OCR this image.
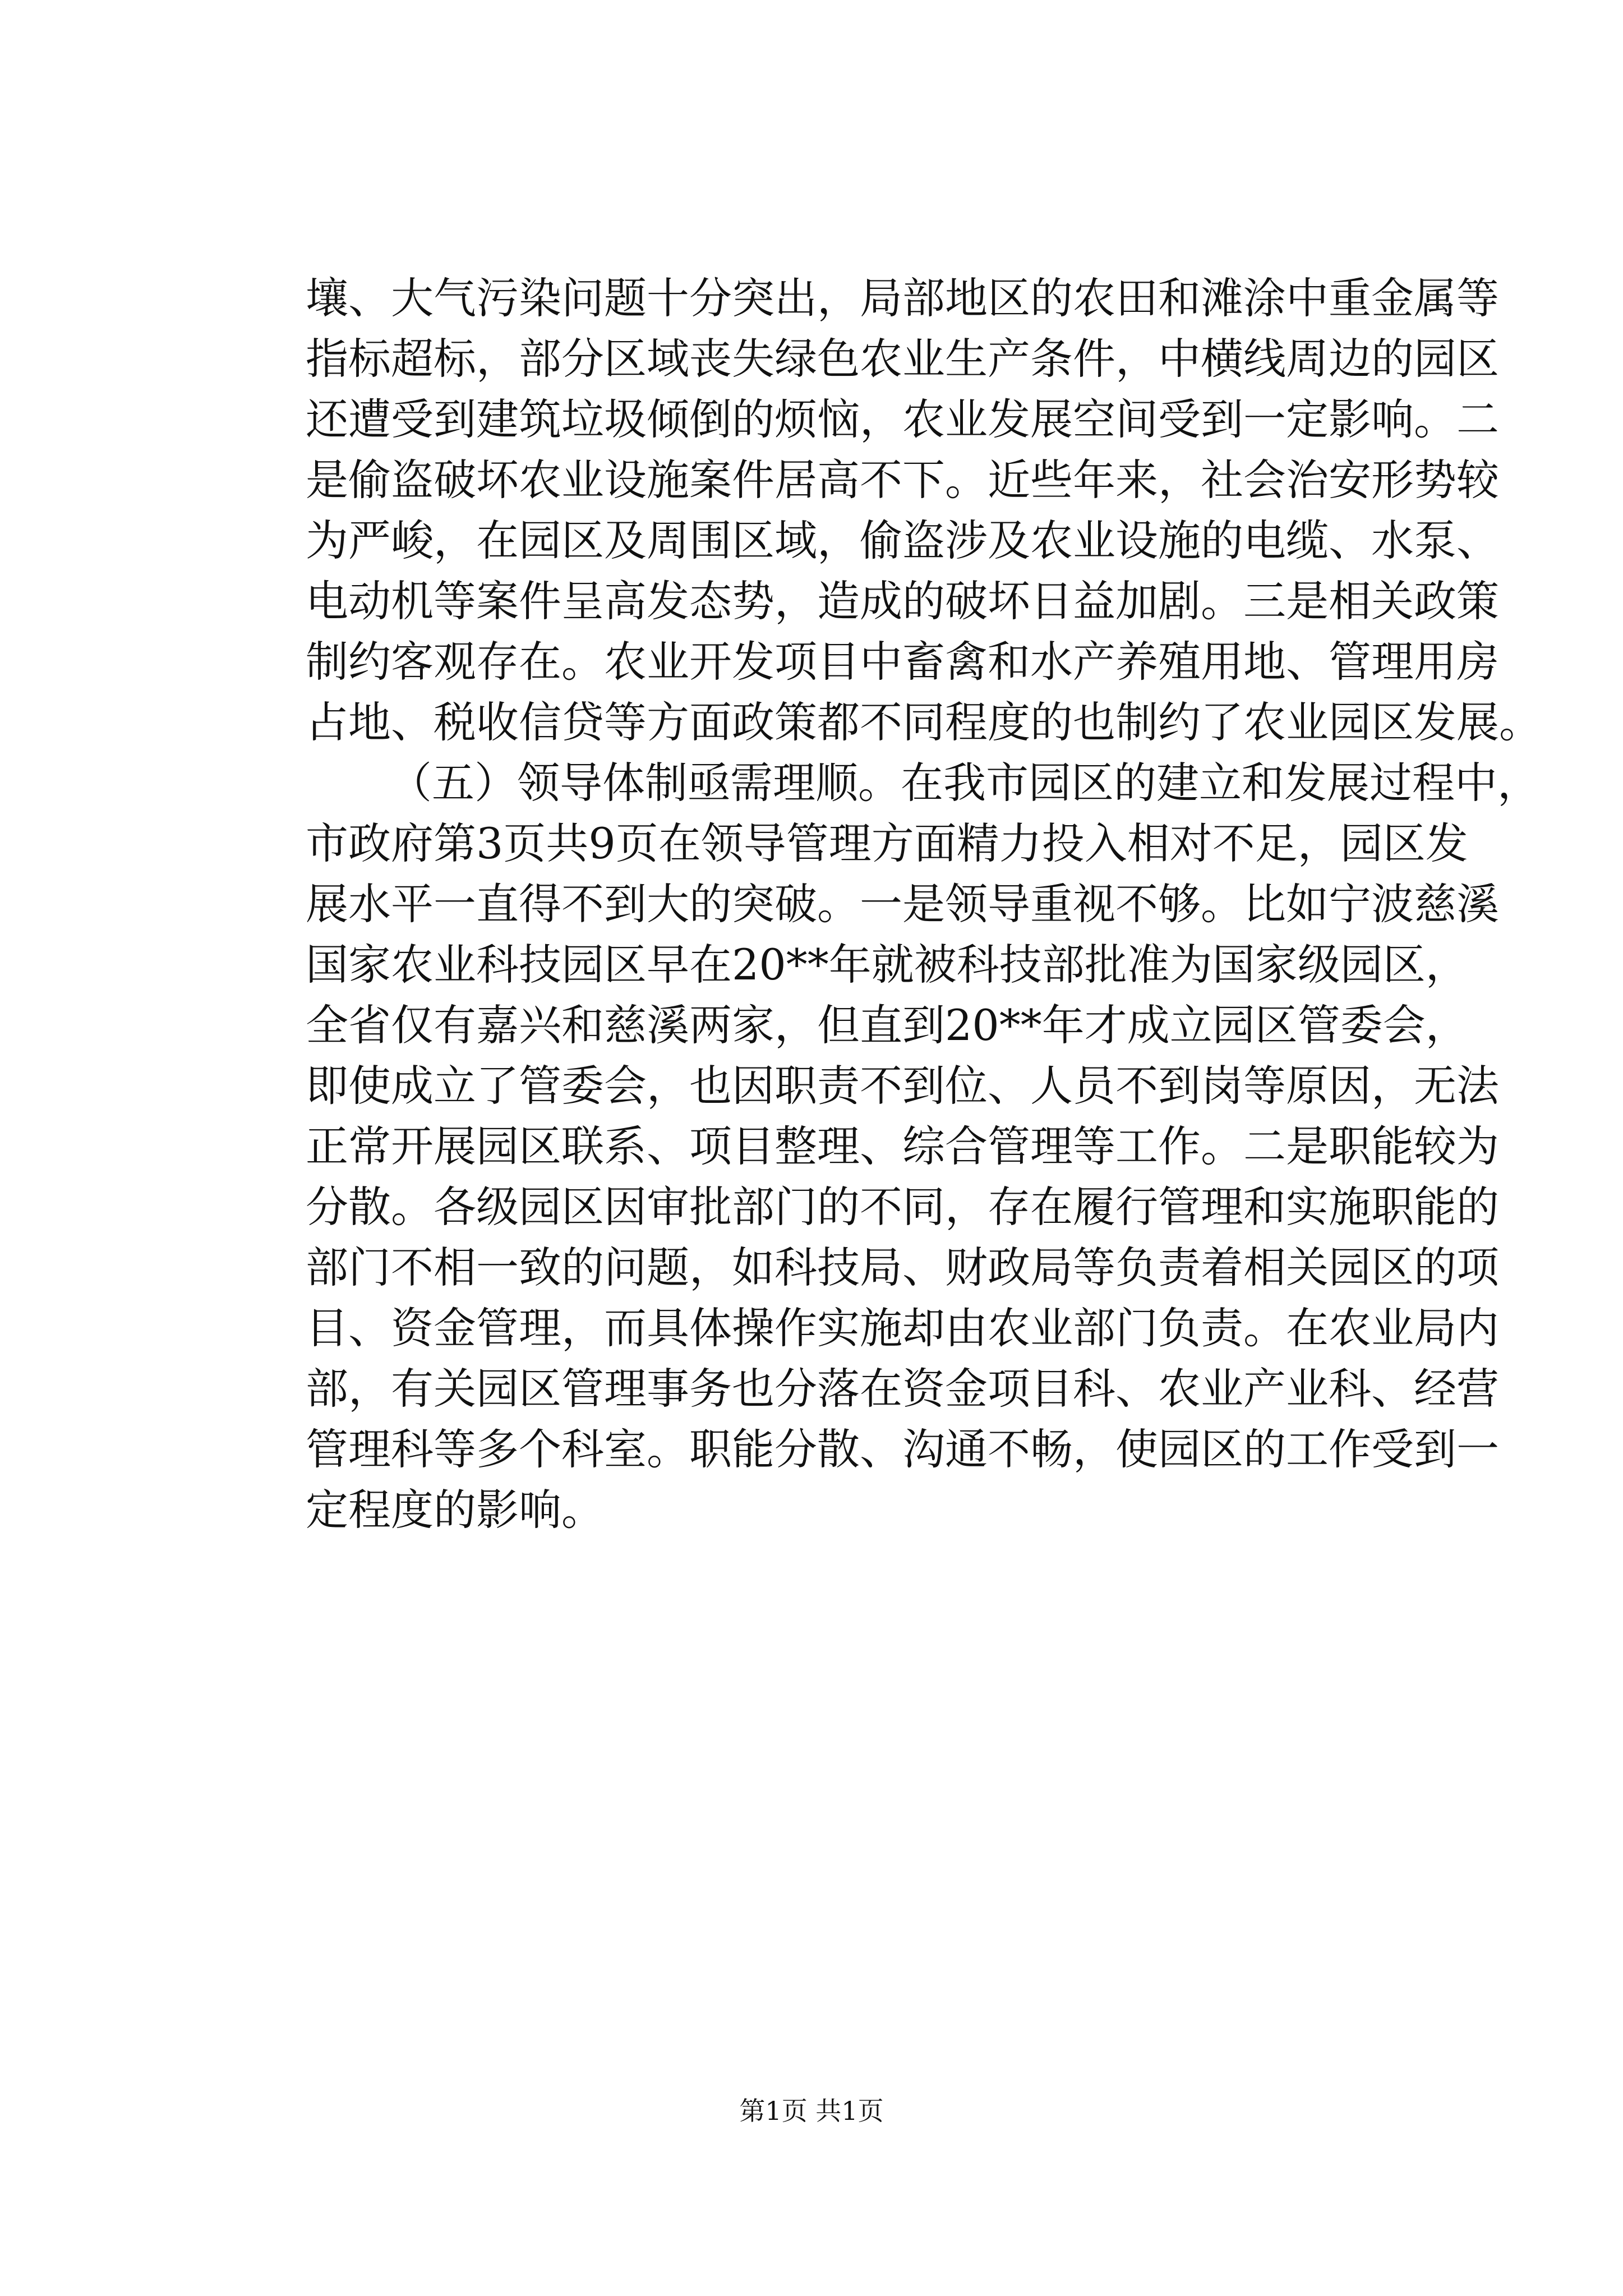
壤、大气污染问题十分突出，局部地区的农田和滩涂中重金属等
指标超标，部分区域丧失绿色农业生产条件，中横线周边的园区
还遭受到建筑垃圾倾倒的烦恼，农业发展空间受到一定影响。二
是偷盗破坏农业设施案件居高不下。近些年来，社会治安形势较
为严峻，在园区及周围区域，偷盗涉及农业设施的电缆、水泵、
电动机等案件呈高发态势，造成的破坏日益加剧。三是相关政策
制约客观存在。农业开发项目中畜禽和水产养殖用地、管理用房
占地、税收信贷等方面政策都不同程度的也制约了农业园区发展。
（五）领导体制亟需理顺。在我市园区的建立和发展过程中，
市政府第3页共9页在领导管理方面精力投入相对不足，园区发
展水平一直得不到大的突破。一是领导重视不够。比如宁波慈溪
国家农业科技园区早在20**年就被科技部批准为国家级园区，
全省仅有嘉兴和慈溪两家，但直到20**年才成立园区管委会，
即使成立了管委会，也因职责不到位、人员不到岗等原因，无法
正常开展园区联系、项目整理、综合管理等工作。二是职能较为
分散。各级园区因审批部门的不同，存在履行管理和实施职能的
部门不相一致的问题，如科技局、财政局等负责着相关园区的项
目、资金管理，而具体操作实施却由农业部门负责。在农业局内
部，有关园区管理事务也分落在资金项目科、农业产业科、经营
管理科等多个科室。职能分散、沟通不畅，使园区的工作受到一
定程度的影响。
第1页 共1页
